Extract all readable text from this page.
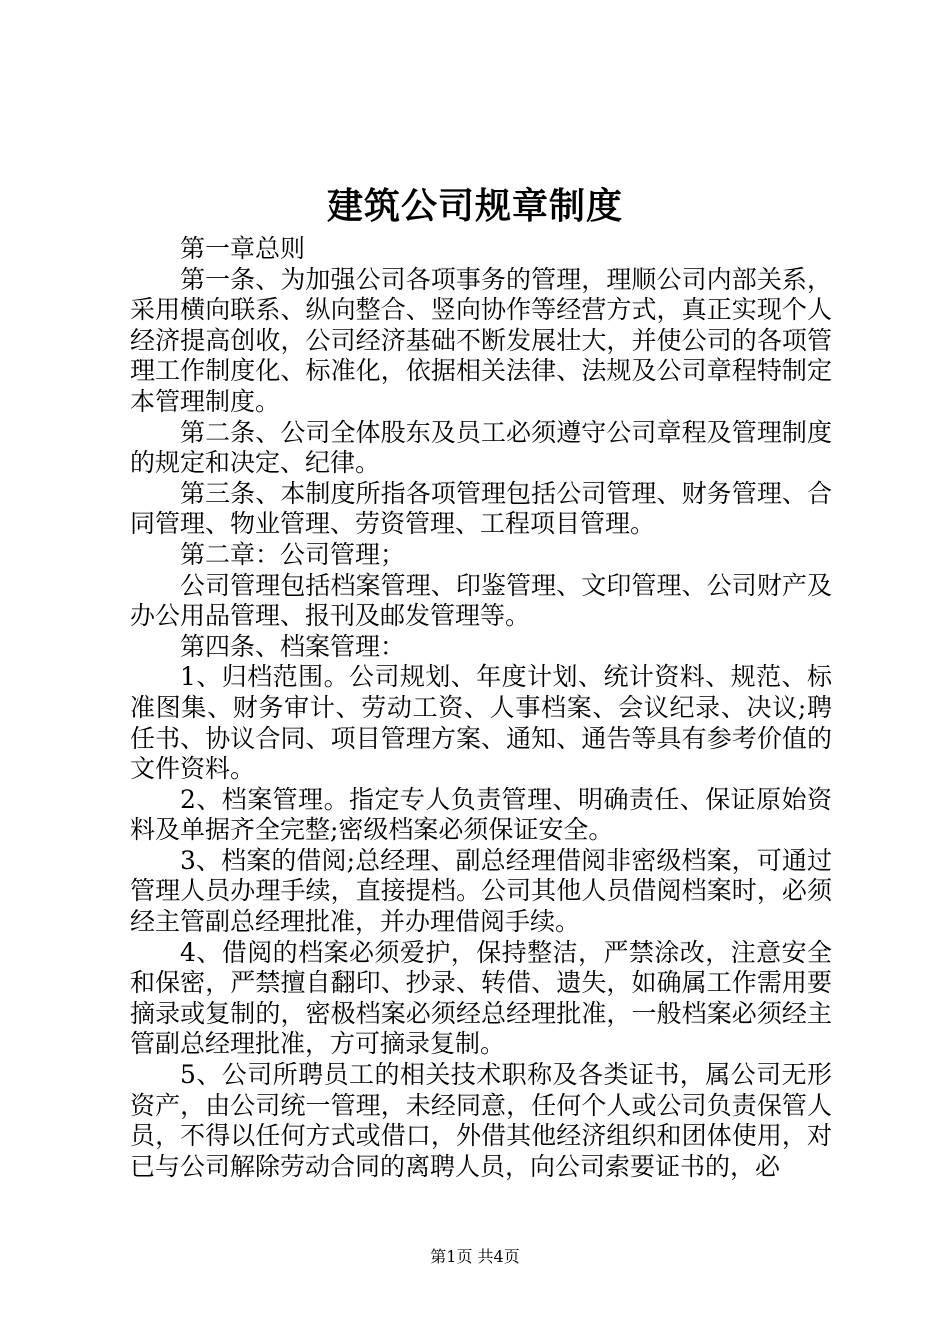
建筑公司规章制度

第一章总则

第一条、为加强公司各项事务的管理，理顺公司内部关系，采用横向联系、纵向整合、竖向协作等经营方式，真正实现个人经济提高创收，公司经济基础不断发展壮大，并使公司的各项管理工作制度化、标准化，依据相关法律、法规及公司章程特制定本管理制度。

第二条、公司全体股东及员工必须遵守公司章程及管理制度的规定和决定、纪律。

第三条、本制度所指各项管理包括公司管理、财务管理、合同管理、物业管理、劳资管理、工程项目管理。

第二章：公司管理；

公司管理包括档案管理、印鉴管理、文印管理、公司财产及办公用品管理、报刊及邮发管理等。

第四条、档案管理：

1、归档范围。公司规划、年度计划、统计资料、规范、标准图集、财务审计、劳动工资、人事档案、会议纪录、决议;聘任书、协议合同、项目管理方案、通知、通告等具有参考价值的文件资料。

2、档案管理。指定专人负责管理、明确责任、保证原始资料及单据齐全完整;密级档案必须保证安全。

3、档案的借阅;总经理、副总经理借阅非密级档案，可通过管理人员办理手续，直接提档。公司其他人员借阅档案时，必须经主管副总经理批准，并办理借阅手续。

4、借阅的档案必须爱护，保持整洁，严禁涂改，注意安全和保密，严禁擅自翻印、抄录、转借、遗失，如确属工作需用要摘录或复制的，密极档案必须经总经理批准，一般档案必须经主管副总经理批准，方可摘录复制。

5、公司所聘员工的相关技术职称及各类证书，属公司无形资产，由公司统一管理，未经同意，任何个人或公司负责保管人员，不得以任何方式或借口，外借其他经济组织和团体使用，对已与公司解除劳动合同的离聘人员，向公司索要证书的，必

第1页 共4页
